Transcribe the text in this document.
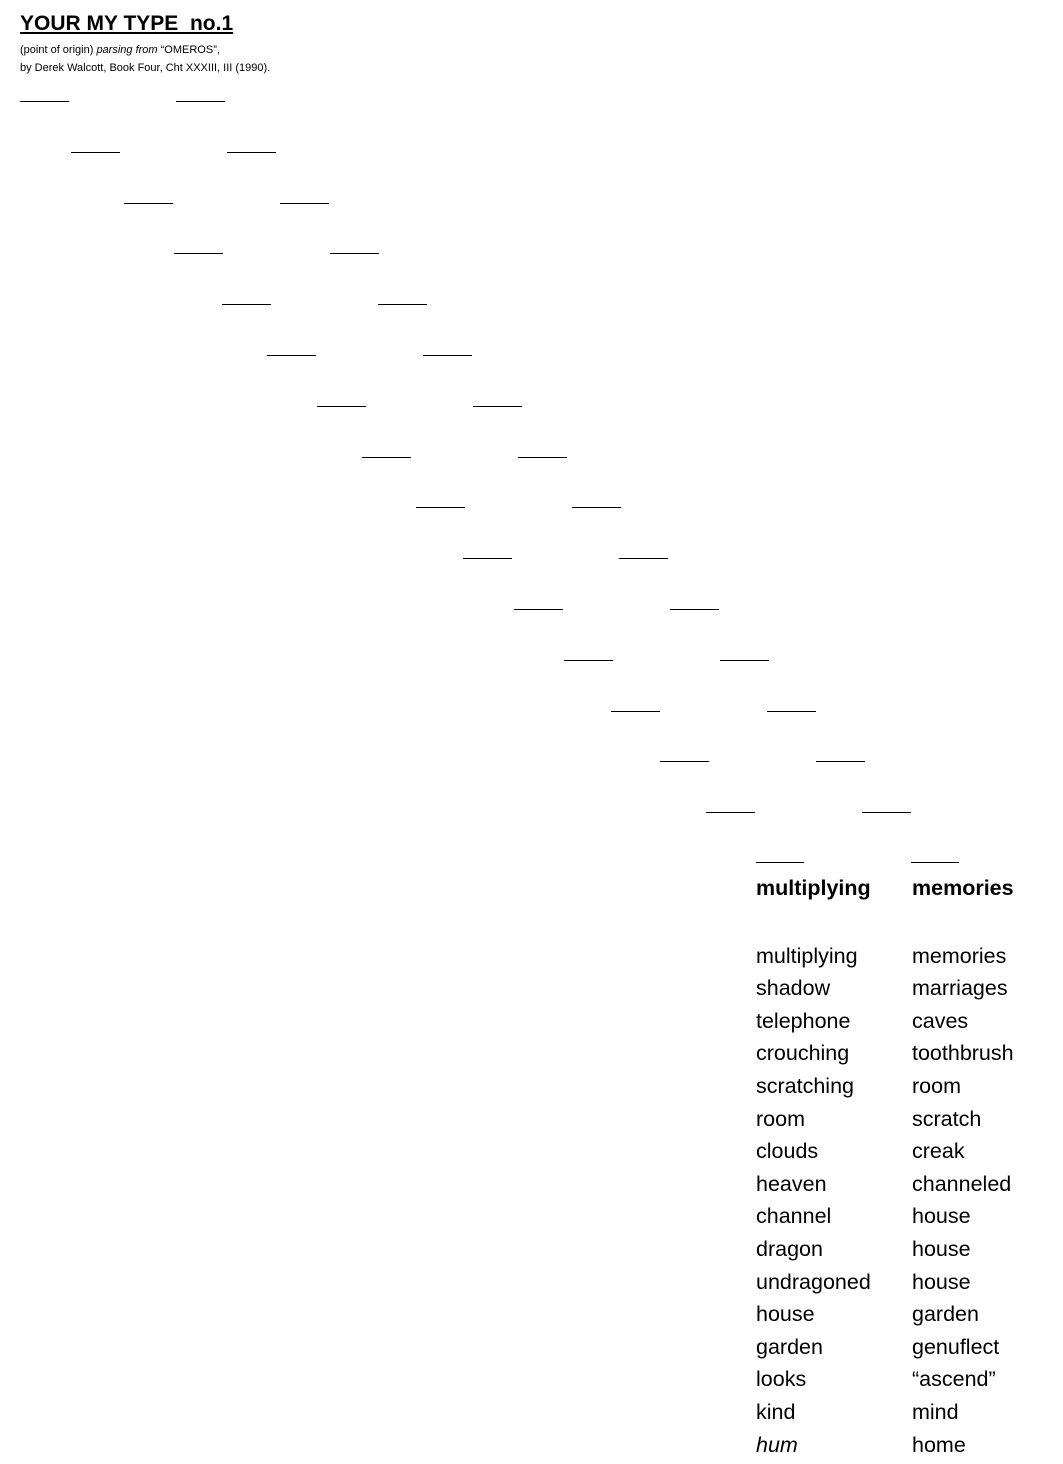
YOUR MY TYPE  no.1
(point of origin) parsing from “OMEROS”,
by Derek Walcott, Book Four, Cht XXXIII, III (1990).
multiplying
multiplying
shadow
telephone
crouching
scratching
room
clouds
heaven
channel
dragon
undragoned
house
garden
looks
kind
hum
memories
memories
marriages
caves
toothbrush
room
scratch
creak
channeled
house
house
house
garden
genuflect
“ascend”
mind
home
